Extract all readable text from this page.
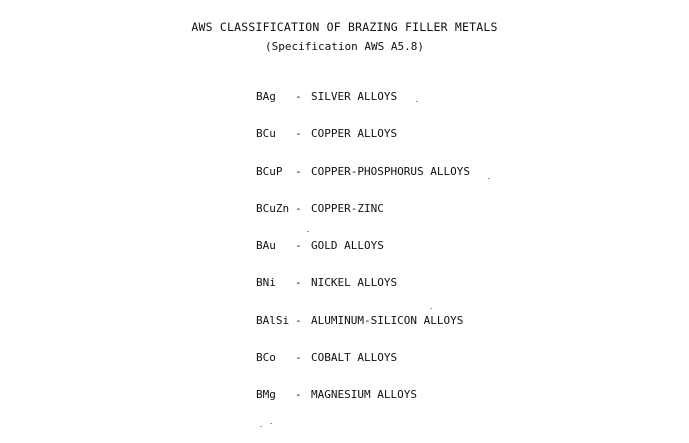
AWS CLASSIFICATION OF BRAZING FILLER METALS
(Specification AWS A5.8)
BAg - SILVER ALLOYS
BCu - COPPER ALLOYS
BCuP - COPPER-PHOSPHORUS ALLOYS
BCuZn - COPPER-ZINC
BAu - GOLD ALLOYS
BNi - NICKEL ALLOYS
BAlSi - ALUMINUM-SILICON ALLOYS
BCo - COBALT ALLOYS
BMg - MAGNESIUM ALLOYS
